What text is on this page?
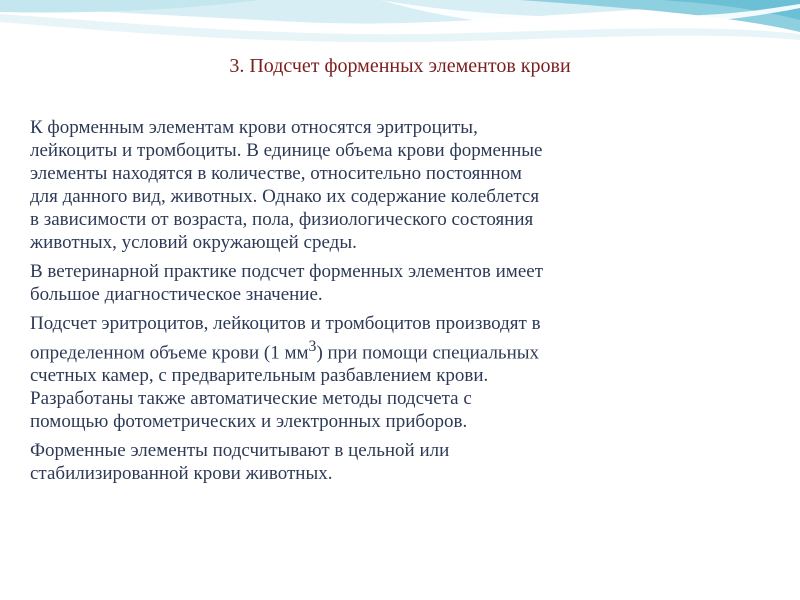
3. Подсчет форменных элементов крови

К форменным элементам крови относятся эритроциты,
лейкоциты и тромбоциты. В единице объема крови форменные
элементы находятся в количестве, относительно постоянном
для данного вид, животных. Однако их содержание колеблется
в зависимости от возраста, пола, физиологического состояния
животных, условий окружающей среды.

В ветеринарной практике подсчет форменных элементов имеет
большое диагностическое значение.

Подсчет эритроцитов, лейкоцитов и тромбоцитов производят в
определенном объеме крови (1 $мм^3$) при помощи специальных
счетных камер, с предварительным разбавлением крови.
Разработаны также автоматические методы подсчета с
помощью фотометрических и электронных приборов.

Форменные элементы подсчитывают в цельной или
стабилизированной крови животных.
